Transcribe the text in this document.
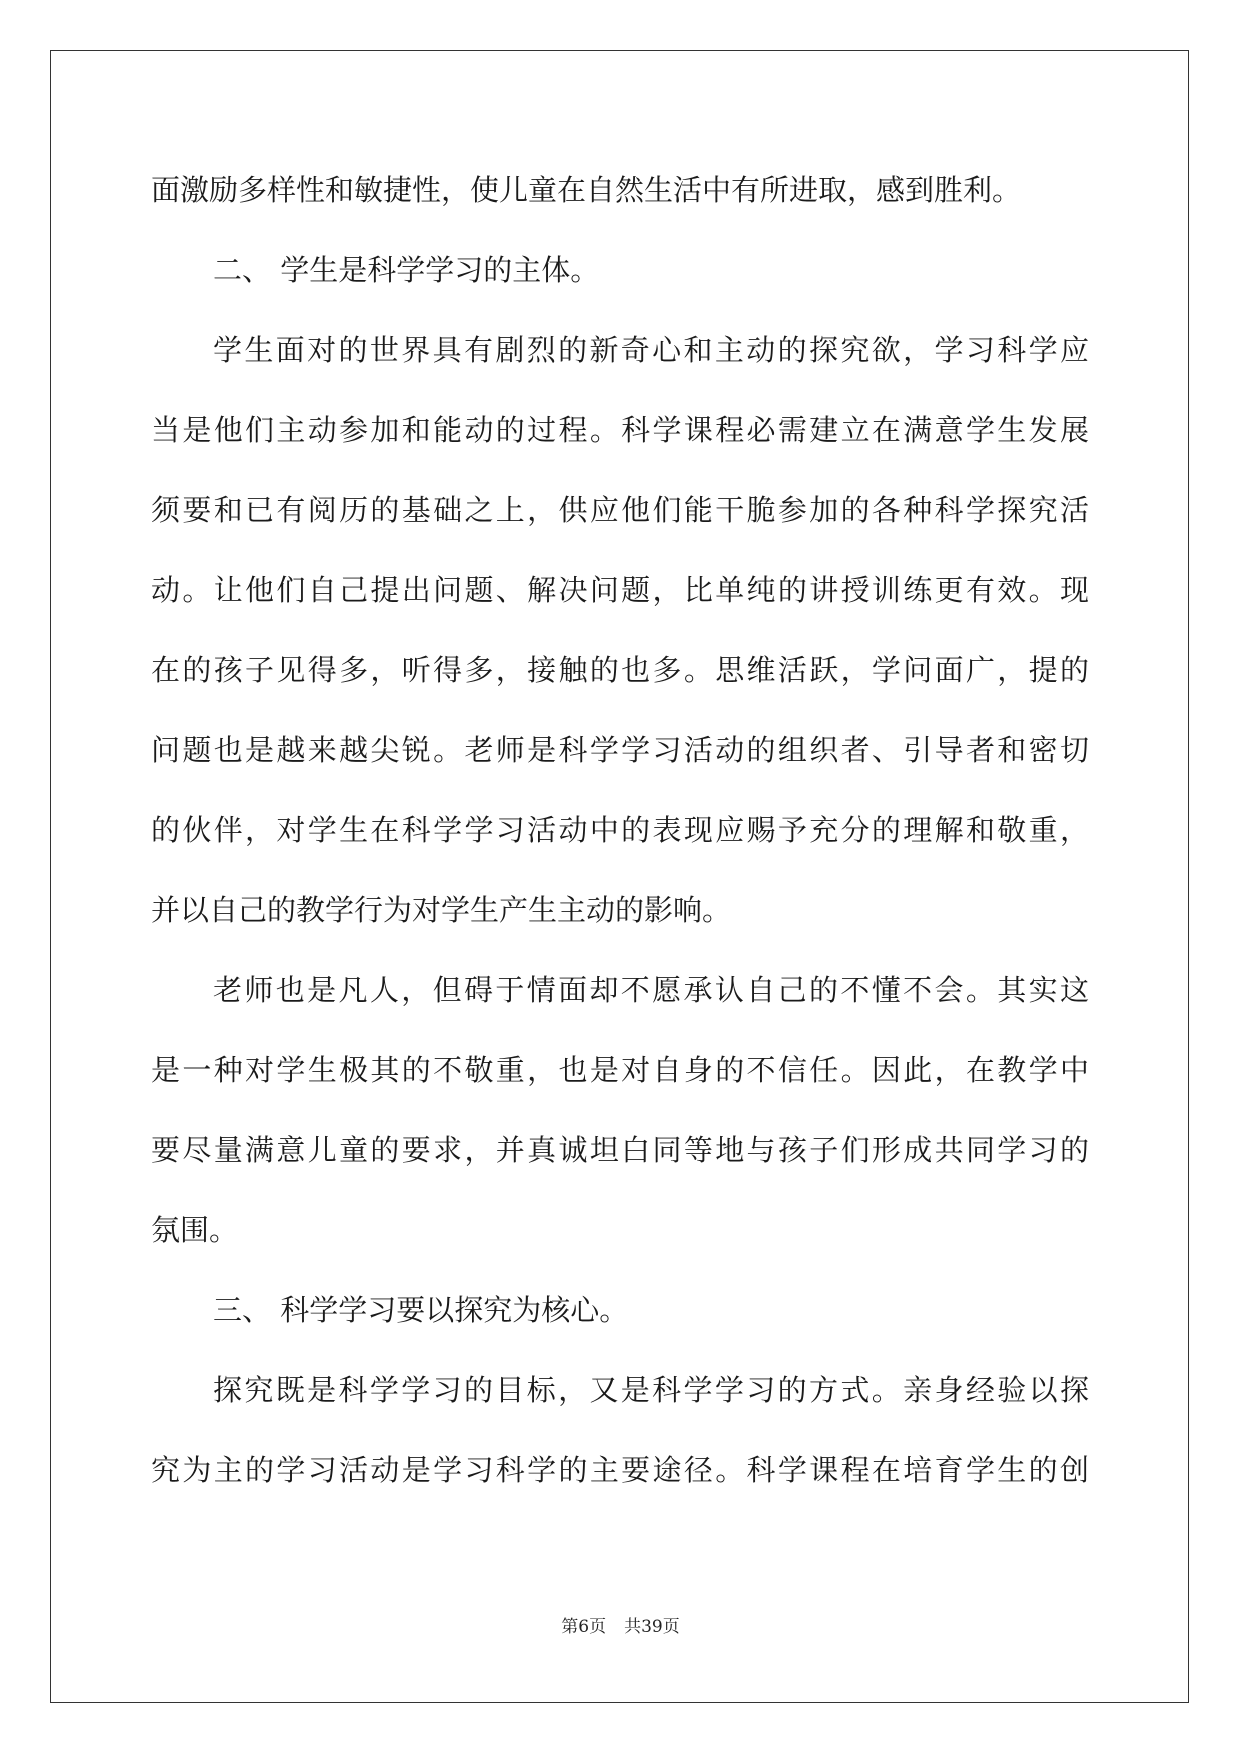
面激励多样性和敏捷性，使儿童在自然生活中有所进取，感到胜利。
二、 学生是科学学习的主体。
学生面对的世界具有剧烈的新奇心和主动的探究欲，学习科学应
当是他们主动参加和能动的过程。科学课程必需建立在满意学生发展
须要和已有阅历的基础之上，供应他们能干脆参加的各种科学探究活
动。让他们自己提出问题、解决问题，比单纯的讲授训练更有效。现
在的孩子见得多，听得多，接触的也多。思维活跃，学问面广，提的
问题也是越来越尖锐。老师是科学学习活动的组织者、引导者和密切
的伙伴，对学生在科学学习活动中的表现应赐予充分的理解和敬重，
并以自己的教学行为对学生产生主动的影响。
老师也是凡人，但碍于情面却不愿承认自己的不懂不会。其实这
是一种对学生极其的不敬重，也是对自身的不信任。因此，在教学中
要尽量满意儿童的要求，并真诚坦白同等地与孩子们形成共同学习的
氛围。
三、 科学学习要以探究为核心。
探究既是科学学习的目标，又是科学学习的方式。亲身经验以探
究为主的学习活动是学习科学的主要途径。科学课程在培育学生的创
第6页 共39页
